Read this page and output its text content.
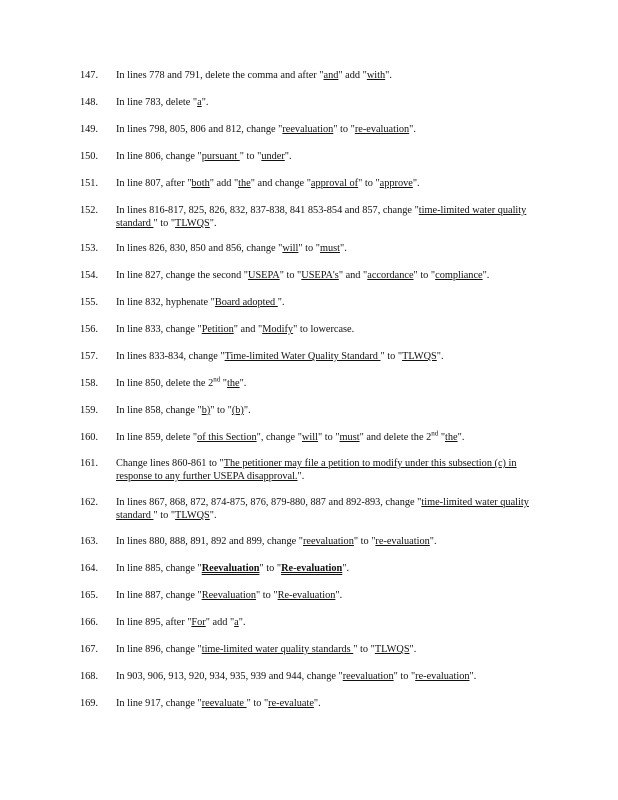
147.	In lines 778 and 791, delete the comma and after "and" add "with".
148.	In line 783, delete "a".
149.	In lines 798, 805, 806 and 812, change "reevaluation" to "re-evaluation".
150.	In line 806, change "pursuant " to "under".
151.	In line 807, after "both" add "the" and change "approval of" to "approve".
152.	In lines 816-817, 825, 826, 832, 837-838, 841 853-854 and 857, change "time-limited water quality standard " to "TLWQS".
153.	In lines 826, 830, 850 and 856, change "will" to "must".
154.	In line 827, change the second "USEPA" to "USEPA's" and "accordance" to "compliance".
155.	In line 832, hyphenate "Board adopted ".
156.	In line 833, change "Petition" and "Modify" to lowercase.
157.	In lines 833-834, change "Time-limited Water Quality Standard " to "TLWQS".
158.	In line 850, delete the 2nd "the".
159.	In line 858, change "b)" to "(b)".
160.	In line 859, delete "of this Section", change "will" to "must" and delete the 2nd "the".
161.	Change lines 860-861 to "The petitioner may file a petition to modify under this subsection (c) in response to any further USEPA disapproval.".
162.	In lines 867, 868, 872, 874-875, 876, 879-880, 887 and 892-893, change "time-limited water quality standard " to "TLWQS".
163.	In lines 880, 888, 891, 892 and 899, change "reevaluation" to "re-evaluation".
164.	In line 885, change "Reevaluation" to "Re-evaluation".
165.	In line 887, change "Reevaluation" to "Re-evaluation".
166.	In line 895, after "For" add "a".
167.	In line 896, change "time-limited water quality standards " to "TLWQS".
168.	In 903, 906, 913, 920, 934, 935, 939 and 944, change "reevaluation" to "re-evaluation".
169.	In line 917, change "reevaluate " to "re-evaluate".
